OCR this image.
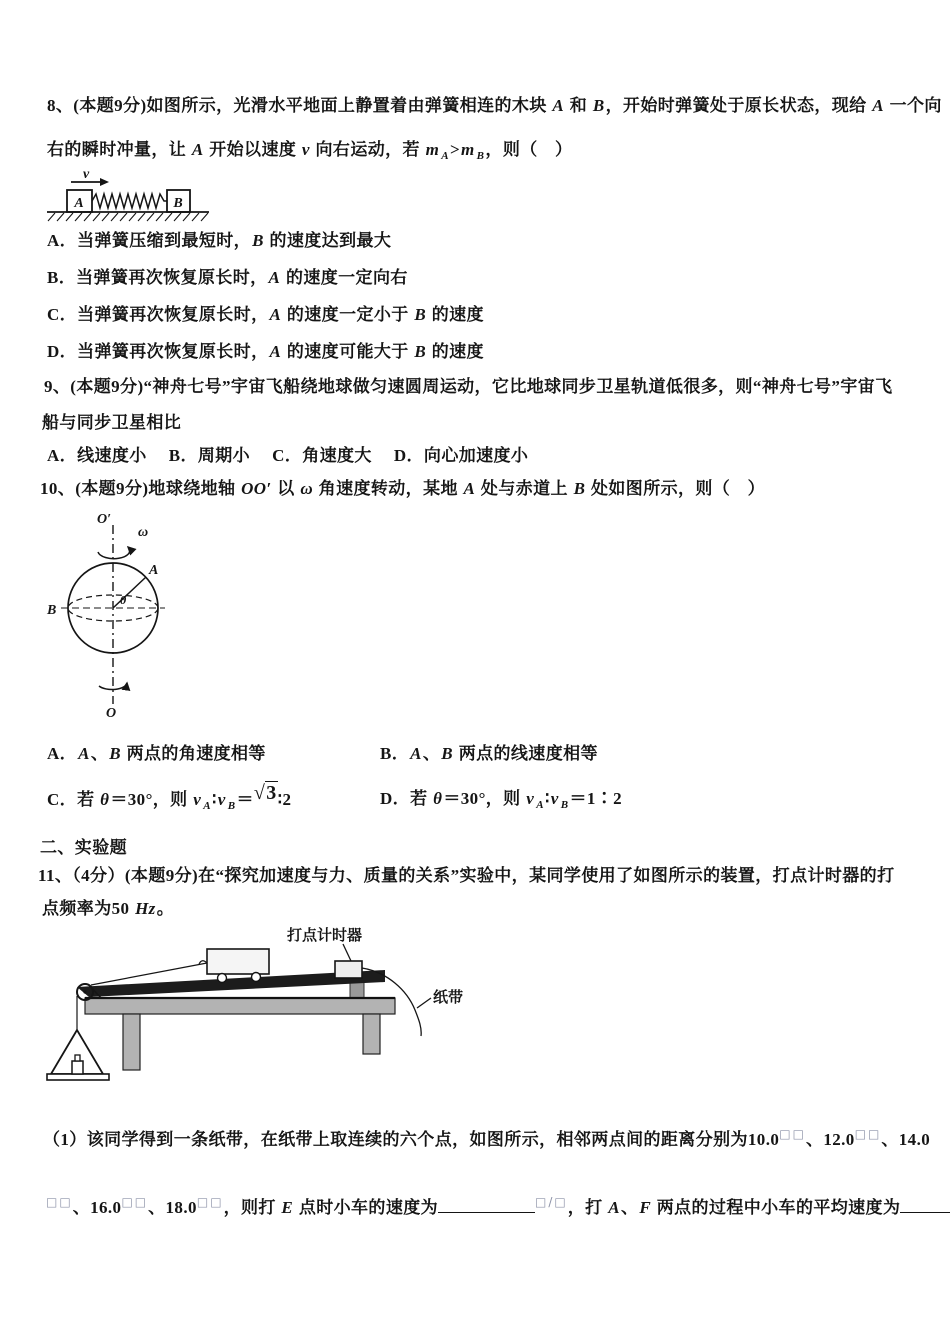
8、(本题9分)如图所示，光滑水平地面上静置着由弹簧相连的木块 A 和 B，开始时弹簧处于原长状态，现给 A 一个向
右的瞬时冲量，让 A 开始以速度 v 向右运动，若 m $_A$>m $_B$，则（　）
v
A	B
A．当弹簧压缩到最短时，B 的速度达到最大
B．当弹簧再次恢复原长时，A 的速度一定向右
C．当弹簧再次恢复原长时，A 的速度一定小于 B 的速度
D．当弹簧再次恢复原长时，A 的速度可能大于 B 的速度
9、(本题9分)“神舟七号”宇宙飞船绕地球做匀速圆周运动，它比地球同步卫星轨道低很多，则“神舟七号”宇宙飞
船与同步卫星相比
A．线速度小　 B．周期小　 C．角速度大　 D．向心加速度小
10、(本题9分)地球绕地轴 OO′ 以 ω 角速度转动，某地 A 处与赤道上 B 处如图所示，则（　）
O′
ω
A
B
θ
O
A．A、B 两点的角速度相等	B．A、B 两点的线速度相等
C．若 θ＝30°，则 v $_A$∶v $_B$＝√3∶2	D．若 θ＝30°，则 v $_A$∶v $_B$＝1∶2
二、实验题
11、（4分）(本题9分)在“探究加速度与力、质量的关系”实验中，某同学使用了如图所示的装置，打点计时器的打
点频率为50 Hz。
打点计时器
纸带
（1）该同学得到一条纸带，在纸带上取连续的六个点，如图所示，相邻两点间的距离分别为10.0□□、12.0□□、14.0
□□、16.0□□、18.0□□，则打 E 点时小车的速度为	□/□，打 A、F 两点的过程中小车的平均速度为
